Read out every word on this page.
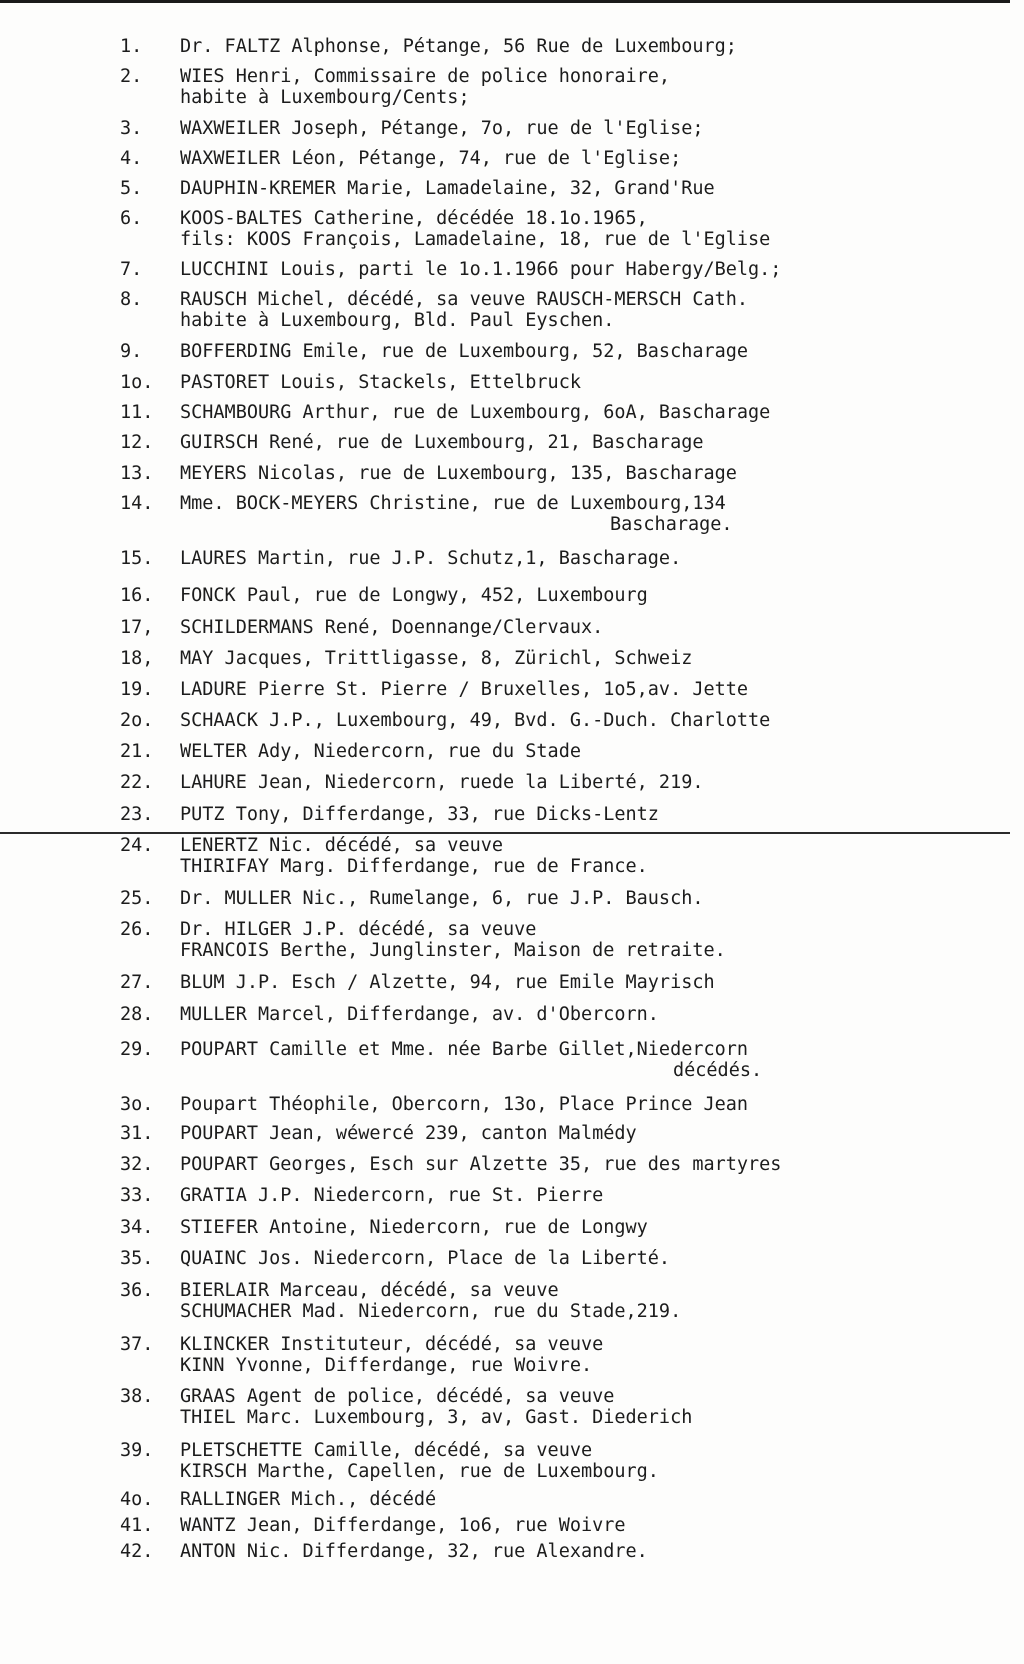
1.	Dr. FALTZ Alphonse, Pétange, 56 Rue de Luxembourg;
2.	WIES Henri, Commissaire de police honoraire,
habite à Luxembourg/Cents;
3.	WAXWEILER Joseph, Pétange, 7o, rue de l'Eglise;
4.	WAXWEILER Léon, Pétange, 74, rue de l'Eglise;
5.	DAUPHIN-KREMER Marie, Lamadelaine, 32, Grand'Rue
6.	KOOS-BALTES Catherine, décédée 18.1o.1965,
fils: KOOS François, Lamadelaine, 18, rue de l'Eglise
7.	LUCCHINI Louis, parti le 1o.1.1966 pour Habergy/Belg.;
8.	RAUSCH Michel, décédé, sa veuve RAUSCH-MERSCH Cath.
habite à Luxembourg, Bld. Paul Eyschen.
9.	BOFFERDING Emile, rue de Luxembourg, 52, Bascharage
1o.	PASTORET Louis, Stackels, Ettelbruck
11.	SCHAMBOURG Arthur, rue de Luxembourg, 6oA, Bascharage
12.	GUIRSCH René, rue de Luxembourg, 21, Bascharage
13.	MEYERS Nicolas, rue de Luxembourg, 135, Bascharage
14.	Mme. BOCK-MEYERS Christine, rue de Luxembourg,134
Bascharage.
15.	LAURES Martin, rue J.P. Schutz,1, Bascharage.
16.	FONCK Paul, rue de Longwy, 452, Luxembourg
17,	SCHILDERMANS René, Doennange/Clervaux.
18,	MAY Jacques, Trittligasse, 8, Zürichl, Schweiz
19.	LADURE Pierre St. Pierre / Bruxelles, 1o5,av. Jette
2o.	SCHAACK J.P., Luxembourg, 49, Bvd. G.-Duch. Charlotte
21.	WELTER Ady, Niedercorn, rue du Stade
22.	LAHURE Jean, Niedercorn, ruede la Liberté, 219.
23.	PUTZ Tony, Differdange, 33, rue Dicks-Lentz
24.	LENERTZ Nic. décédé, sa veuve
THIRIFAY Marg. Differdange, rue de France.
25.	Dr. MULLER Nic., Rumelange, 6, rue J.P. Bausch.
26.	Dr. HILGER J.P. décédé, sa veuve
FRANCOIS Berthe, Junglinster, Maison de retraite.
27.	BLUM J.P. Esch / Alzette, 94, rue Emile Mayrisch
28.	MULLER Marcel, Differdange, av. d'Obercorn.
29.	POUPART Camille et Mme. née Barbe Gillet,Niedercorn
décédés.
3o.	Poupart Théophile, Obercorn, 13o, Place Prince Jean
31.	POUPART Jean, wéwercé 239, canton Malmédy
32.	POUPART Georges, Esch sur Alzette 35, rue des martyres
33.	GRATIA J.P. Niedercorn, rue St. Pierre
34.	STIEFER Antoine, Niedercorn, rue de Longwy
35.	QUAINC Jos. Niedercorn, Place de la Liberté.
36.	BIERLAIR Marceau, décédé, sa veuve
SCHUMACHER Mad. Niedercorn, rue du Stade,219.
37.	KLINCKER Instituteur, décédé, sa veuve
KINN Yvonne, Differdange, rue Woivre.
38.	GRAAS Agent de police, décédé, sa veuve
THIEL Marc. Luxembourg, 3, av, Gast. Diederich
39.	PLETSCHETTE Camille, décédé, sa veuve
KIRSCH Marthe, Capellen, rue de Luxembourg.
4o.	RALLINGER Mich., décédé
41.	WANTZ Jean, Differdange, 1o6, rue Woivre
42.	ANTON Nic. Differdange, 32, rue Alexandre.
